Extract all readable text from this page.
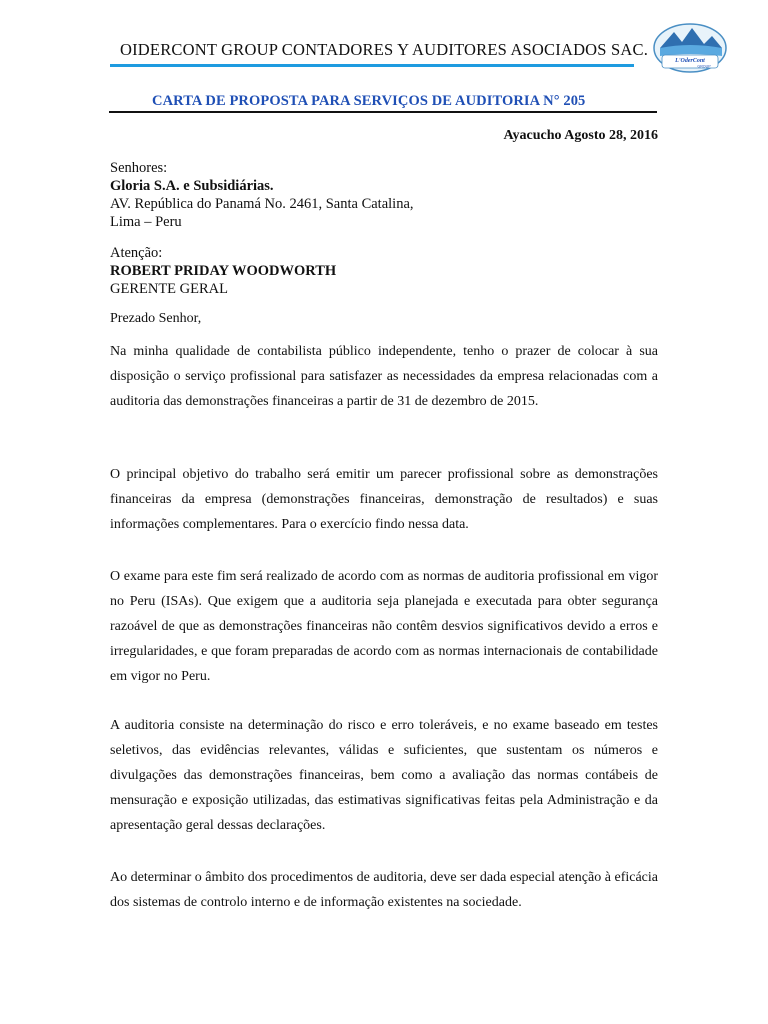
OIDERCONT GROUP CONTADORES Y AUDITORES ASOCIADOS SAC.
L'OderCont
GROUP
CARTA DE PROPOSTA PARA SERVIÇOS DE AUDITORIA N° 205
Ayacucho Agosto 28, 2016
Senhores:
Gloria S.A. e Subsidiárias.
AV. República do Panamá No. 2461, Santa Catalina,
Lima – Peru
Atenção:
ROBERT PRIDAY WOODWORTH
GERENTE GERAL
Prezado Senhor,

Na minha qualidade de contabilista público independente, tenho o prazer de colocar à sua disposição o serviço profissional para satisfazer as necessidades da empresa relacionadas com a auditoria das demonstrações financeiras a partir de 31 de dezembro de 2015.

O principal objetivo do trabalho será emitir um parecer profissional sobre as demonstrações financeiras da empresa (demonstrações financeiras, demonstração de resultados) e suas informações complementares. Para o exercício findo nessa data.

O exame para este fim será realizado de acordo com as normas de auditoria profissional em vigor no Peru (ISAs). Que exigem que a auditoria seja planejada e executada para obter segurança razoável de que as demonstrações financeiras não contêm desvios significativos devido a erros e irregularidades, e que foram preparadas de acordo com as normas internacionais de contabilidade em vigor no Peru.

A auditoria consiste na determinação do risco e erro toleráveis, e no exame baseado em testes seletivos, das evidências relevantes, válidas e suficientes, que sustentam os números e divulgações das demonstrações financeiras, bem como a avaliação das normas contábeis de mensuração e exposição utilizadas, das estimativas significativas feitas pela Administração e da apresentação geral dessas declarações.

Ao determinar o âmbito dos procedimentos de auditoria, deve ser dada especial atenção à eficácia dos sistemas de controlo interno e de informação existentes na sociedade.
